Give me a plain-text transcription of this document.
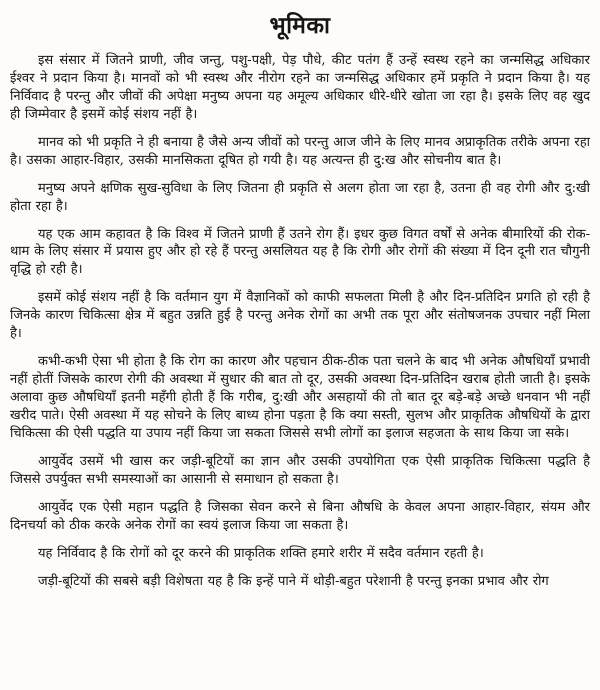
भूमिका

इस संसार में जितने प्राणी, जीव जन्तु, पशु-पक्षी, पेड़ पौधे, कीट पतंग हैं उन्हें स्वस्थ रहने का जन्मसिद्ध अधिकार ईश्वर ने प्रदान किया है। मानवों को भी स्वस्थ और नीरोग रहने का जन्मसिद्ध अधिकार हमें प्रकृति ने प्रदान किया है। यह निर्विवाद है परन्तु और जीवों की अपेक्षा मनुष्य अपना यह अमूल्य अधिकार धीरे-धीरे खोता जा रहा है। इसके लिए वह खुद ही जिम्मेवार है इसमें कोई संशय नहीं है।

मानव को भी प्रकृति ने ही बनाया है जैसे अन्य जीवों को परन्तु आज जीने के लिए मानव अप्राकृतिक तरीके अपना रहा है। उसका आहार-विहार, उसकी मानसिकता दूषित हो गयी है। यह अत्यन्त ही दु:ख और सोचनीय बात है।

मनुष्य अपने क्षणिक सुख-सुविधा के लिए जितना ही प्रकृति से अलग होता जा रहा है, उतना ही वह रोगी और दु:खी होता रहा है।

यह एक आम कहावत है कि विश्व में जितने प्राणी हैं उतने रोग हैं। इधर कुछ विगत वर्षों से अनेक बीमारियों की रोक-थाम के लिए संसार में प्रयास हुए और हो रहे हैं परन्तु असलियत यह है कि रोगी और रोगों की संख्या में दिन दूनी रात चौगुनी वृद्धि हो रही है।

इसमें कोई संशय नहीं है कि वर्तमान युग में वैज्ञानिकों को काफी सफलता मिली है और दिन-प्रतिदिन प्रगति हो रही है जिनके कारण चिकित्सा क्षेत्र में बहुत उन्नति हुई है परन्तु अनेक रोगों का अभी तक पूरा और संतोषजनक उपचार नहीं मिला है।

कभी-कभी ऐसा भी होता है कि रोग का कारण और पहचान ठीक-ठीक पता चलने के बाद भी अनेक औषधियाँ प्रभावी नहीं होतीं जिसके कारण रोगी की अवस्था में सुधार की बात तो दूर, उसकी अवस्था दिन-प्रतिदिन खराब होती जाती है। इसके अलावा कुछ औषधियाँ इतनी महँगी होती हैं कि गरीब, दु:खी और असहायों की तो बात दूर बड़े-बड़े अच्छे धनवान भी नहीं खरीद पाते। ऐसी अवस्था में यह सोचने के लिए बाध्य होना पड़ता है कि क्या सस्ती, सुलभ और प्राकृतिक औषधियों के द्वारा चिकित्सा की ऐसी पद्धति या उपाय नहीं किया जा सकता जिससे सभी लोगों का इलाज सहजता के साथ किया जा सके।

आयुर्वेद उसमें भी खास कर जड़ी-बूटियों का ज्ञान और उसकी उपयोगिता एक ऐसी प्राकृतिक चिकित्सा पद्धति है जिससे उपर्युक्त सभी समस्याओं का आसानी से समाधान हो सकता है।

आयुर्वेद एक ऐसी महान पद्धति है जिसका सेवन करने से बिना औषधि के केवल अपना आहार-विहार, संयम और दिनचर्या को ठीक करके अनेक रोगों का स्वयं इलाज किया जा सकता है।

यह निर्विवाद है कि रोगों को दूर करने की प्राकृतिक शक्ति हमारे शरीर में सदैव वर्तमान रहती है।

जड़ी-बूटियों की सबसे बड़ी विशेषता यह है कि इन्हें पाने में थोड़ी-बहुत परेशानी है परन्तु इनका प्रभाव और रोग
